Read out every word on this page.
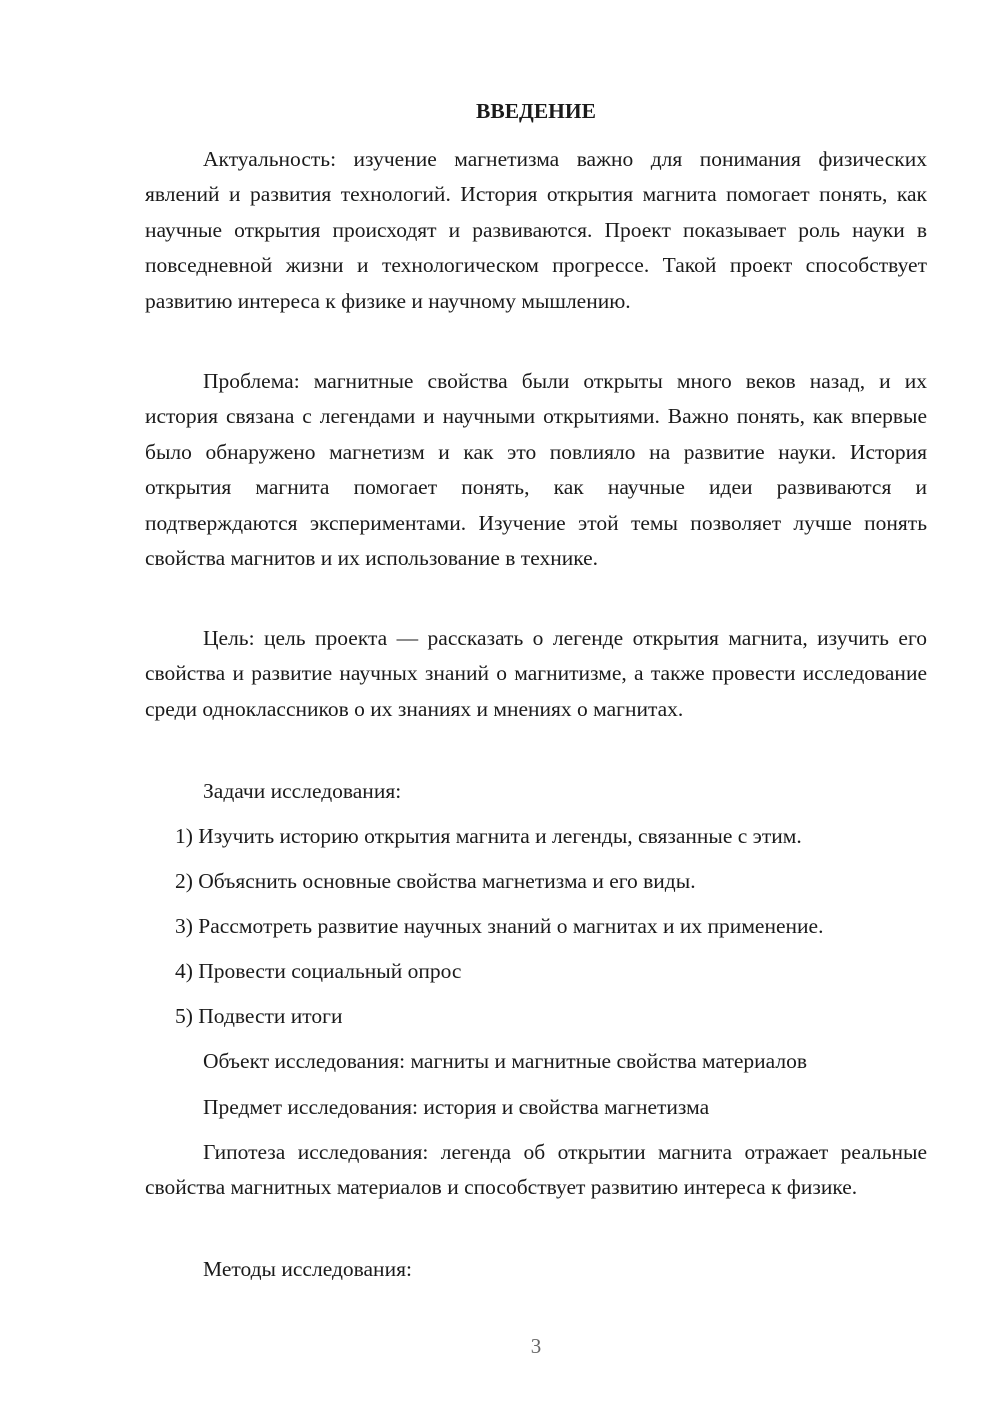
ВВЕДЕНИЕ

Актуальность: изучение магнетизма важно для понимания физических явлений и развития технологий. История открытия магнита помогает понять, как научные открытия происходят и развиваются. Проект показывает роль науки в повседневной жизни и технологическом прогрессе. Такой проект способствует развитию интереса к физике и научному мышлению.

Проблема: магнитные свойства были открыты много веков назад, и их история связана с легендами и научными открытиями. Важно понять, как впервые было обнаружено магнетизм и как это повлияло на развитие науки. История открытия магнита помогает понять, как научные идеи развиваются и подтверждаются экспериментами. Изучение этой темы позволяет лучше понять свойства магнитов и их использование в технике.

Цель: цель проекта — рассказать о легенде открытия магнита, изучить его свойства и развитие научных знаний о магнитизме, а также провести исследование среди одноклассников о их знаниях и мнениях о магнитах.

Задачи исследования:
1) Изучить историю открытия магнита и легенды, связанные с этим.
2) Объяснить основные свойства магнетизма и его виды.
3) Рассмотреть развитие научных знаний о магнитах и их применение.
4) Провести социальный опрос
5) Подвести итоги
Объект исследования: магниты и магнитные свойства материалов
Предмет исследования: история и свойства магнетизма

Гипотеза исследования: легенда об открытии магнита отражает реальные свойства магнитных материалов и способствует развитию интереса к физике.

Методы исследования:
3
